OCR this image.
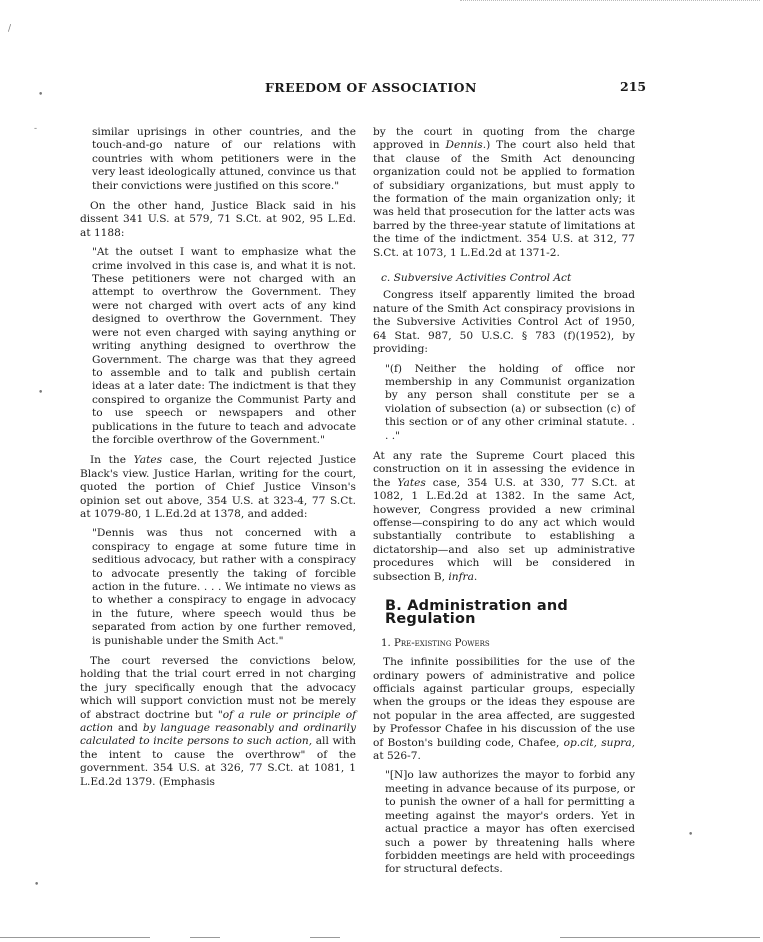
/
•
-
•
•
•
FREEDOM OF ASSOCIATION	215

similar uprisings in other countries, and the touch-and-go nature of our relations with countries with whom petitioners were in the very least ideologically attuned, convince us that their convictions were justified on this score."

On the other hand, Justice Black said in his dissent 341 U.S. at 579, 71 S.Ct. at 902, 95 L.Ed. at 1188:

"At the outset I want to emphasize what the crime involved in this case is, and what it is not. These petitioners were not charged with an attempt to overthrow the Government. They were not charged with overt acts of any kind designed to overthrow the Government. They were not even charged with saying anything or writing anything designed to overthrow the Government. The charge was that they agreed to assemble and to talk and publish certain ideas at a later date: The indictment is that they conspired to organize the Communist Party and to use speech or newspapers and other publications in the future to teach and advocate the forcible overthrow of the Government."

In the Yates case, the Court rejected Justice Black's view. Justice Harlan, writing for the court, quoted the portion of Chief Justice Vinson's opinion set out above, 354 U.S. at 323-4, 77 S.Ct. at 1079-80, 1 L.Ed.2d at 1378, and added:

"Dennis was thus not concerned with a conspiracy to engage at some future time in seditious advocacy, but rather with a conspiracy to advocate presently the taking of forcible action in the future. . . . We intimate no views as to whether a conspiracy to engage in advocacy in the future, where speech would thus be separated from action by one further removed, is punishable under the Smith Act."

The court reversed the convictions below, holding that the trial court erred in not charging the jury specifically enough that the advocacy which will support conviction must not be merely of abstract doctrine but "of a rule or principle of action and by language reasonably and ordinarily calculated to incite persons to such action, all with the intent to cause the overthrow" of the government. 354 U.S. at 326, 77 S.Ct. at 1081, 1 L.Ed.2d 1379. (Emphasis

by the court in quoting from the charge approved in Dennis.) The court also held that that clause of the Smith Act denouncing organization could not be applied to formation of subsidiary organizations, but must apply to the formation of the main organization only; it was held that prosecution for the latter acts was barred by the three-year statute of limitations at the time of the indictment. 354 U.S. at 312, 77 S.Ct. at 1073, 1 L.Ed.2d at 1371-2.

c. Subversive Activities Control Act

Congress itself apparently limited the broad nature of the Smith Act conspiracy provisions in the Subversive Activities Control Act of 1950, 64 Stat. 987, 50 U.S.C. § 783 (f)(1952), by providing:

"(f) Neither the holding of office nor membership in any Communist organization by any person shall constitute per se a violation of subsection (a) or subsection (c) of this section or of any other criminal statute. . . ."

At any rate the Supreme Court placed this construction on it in assessing the evidence in the Yates case, 354 U.S. at 330, 77 S.Ct. at 1082, 1 L.Ed.2d at 1382. In the same Act, however, Congress provided a new criminal offense—conspiring to do any act which would substantially contribute to establishing a dictatorship—and also set up administrative procedures which will be considered in subsection B, infra.

B. Administration and Regulation
1. Pre-existing Powers

The infinite possibilities for the use of the ordinary powers of administrative and police officials against particular groups, especially when the groups or the ideas they espouse are not popular in the area affected, are suggested by Professor Chafee in his discussion of the use of Boston's building code, Chafee, op.cit, supra, at 526-7.

"[N]o law authorizes the mayor to forbid any meeting in advance because of its purpose, or to punish the owner of a hall for permitting a meeting against the mayor's orders. Yet in actual practice a mayor has often exercised such a power by threatening halls where forbidden meetings are held with proceedings for structural defects.
